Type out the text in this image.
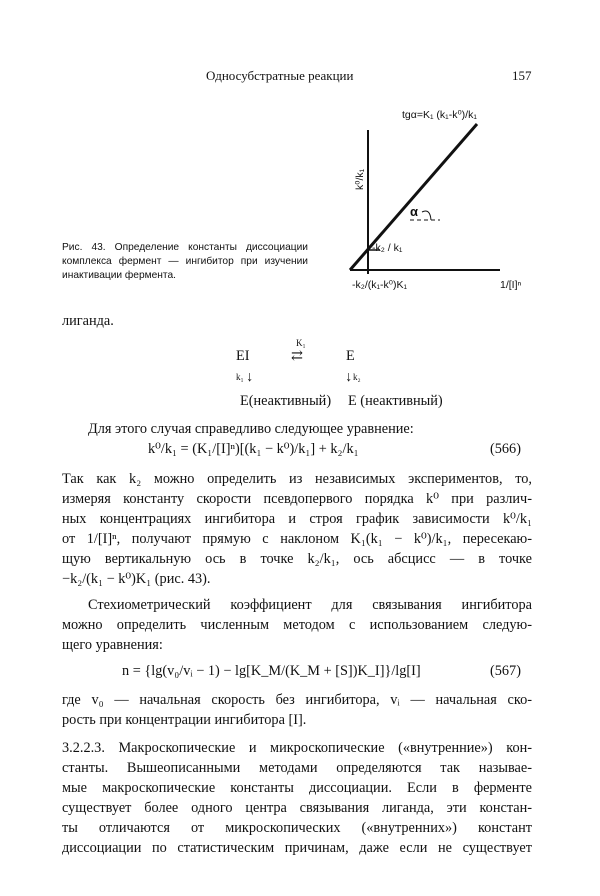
Односубстратные реакции	157
tgα=K₁ (k₁-k⁰)/k₁
k⁰/k₁
α
-k₂ / k₁
-k₂/(k₁-k⁰)K₁	1/[I]ⁿ
Рис. 43. Определение константы диссоциации комплекса фермент — ингибитор при изучении инактивации фермента.
лиганда.
EI
K₁
⇄	E
k₁ ↓	↓ k₂
E(неактивный) E (неактивный)
Для этого случая справедливо следующее уравнение:
k⁰/k₁ = (K₁/[I]ⁿ)[(k₁ − k⁰)/k₁] + k₂/k₁	(566)
Так как k₂ можно определить из независимых экспериментов, то,
измеряя константу скорости псевдопервого порядка k⁰ при различ-
ных концентрациях ингибитора и строя график зависимости k⁰/k₁
от 1/[I]ⁿ, получают прямую с наклоном K₁(k₁ − k⁰)/k₁, пересекаю-
щую вертикальную ось в точке k₂/k₁, ось абсцисс — в точке
−k₂/(k₁ − k⁰)K₁ (рис. 43).
Стехиометрический коэффициент для связывания ингибитора
можно определить численным методом с использованием следую-
щего уравнения:
n = {lg(v₀/vᵢ − 1) − lg[K_M/(K_M + [S])K_I]}/lg[I]	(567)
где v₀ — начальная скорость без ингибитора, vᵢ — начальная ско-
рость при концентрации ингибитора [I].
3.2.2.3. Макроскопические и микроскопические («внутренние») кон-
станты. Вышеописанными методами определяются так называе-
мые макроскопические константы диссоциации. Если в ферменте
существует более одного центра связывания лиганда, эти констан-
ты отличаются от микроскопических («внутренних») констант
диссоциации по статистическим причинам, даже если не существует
